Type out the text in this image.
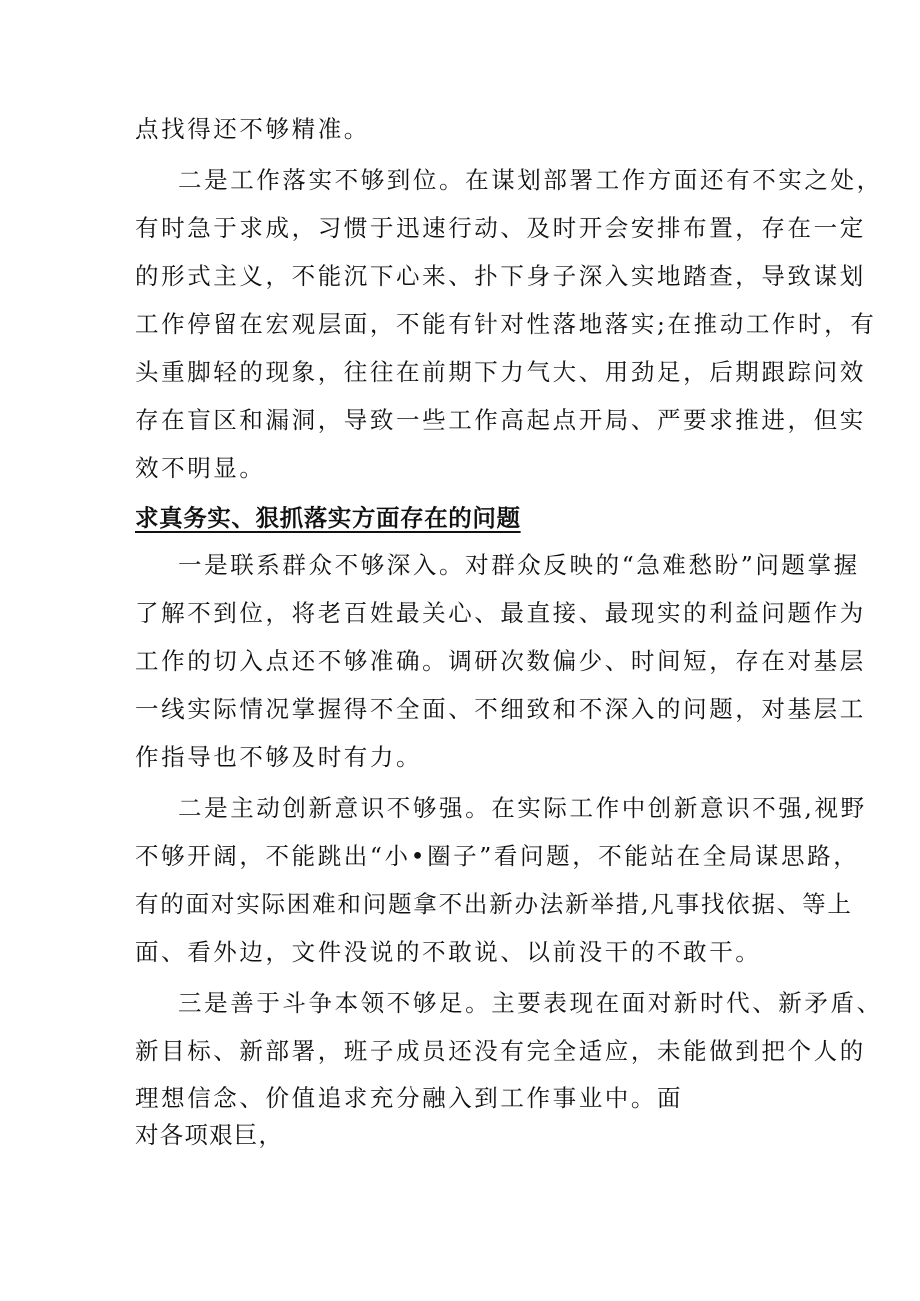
点找得还不够精准。
二是工作落实不够到位。在谋划部署工作方面还有不实之处，
有时急于求成，习惯于迅速行动、及时开会安排布置，存在一定
的形式主义，不能沉下心来、扑下身子深入实地踏查，导致谋划
工作停留在宏观层面，不能有针对性落地落实;在推动工作时，有
头重脚轻的现象，往往在前期下力气大、用劲足，后期跟踪问效
存在盲区和漏洞，导致一些工作高起点开局、严要求推进，但实
效不明显。
求真务实、狠抓落实方面存在的问题
一是联系群众不够深入。对群众反映的“急难愁盼”问题掌握
了解不到位，将老百姓最关心、最直接、最现实的利益问题作为
工作的切入点还不够准确。调研次数偏少、时间短，存在对基层
一线实际情况掌握得不全面、不细致和不深入的问题，对基层工
作指导也不够及时有力。
二是主动创新意识不够强。在实际工作中创新意识不强,视野
不够开阔，不能跳出“小•圈子”看问题，不能站在全局谋思路，
有的面对实际困难和问题拿不出新办法新举措,凡事找依据、等上
面、看外边，文件没说的不敢说、以前没干的不敢干。
三是善于斗争本领不够足。主要表现在面对新时代、新矛盾、
新目标、新部署，班子成员还没有完全适应，未能做到把个人的
理想信念、价值追求充分融入到工作事业中。面
对各项艰巨，
